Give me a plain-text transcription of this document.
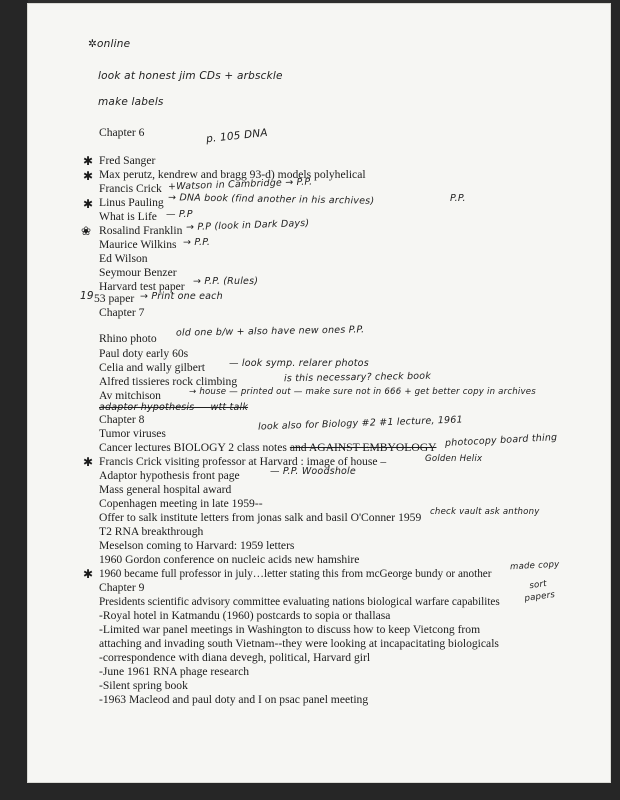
✲online
look at honest jim CDs + arbsckle
make labels
Chapter 6	p. 105 DNA
✱ Fred Sanger
✱ Max perutz, kendrew and bragg 93-d) models polyhelical
Francis Crick +Watson in Cambridge → P.P.
✱ Linus Pauling → DNA book (find another in his archives)	P.P.
What is Life — P.P
❀ Rosalind Franklin → P.P (look in Dark Days)
Maurice Wilkins → P.P.
Ed Wilson
Seymour Benzer
Harvard test paper → P.P. (Rules)
19 53 paper → Print one each
Chapter 7
Rhino photo old one b/w + also have new ones P.P.
Paul doty early 60s
Celia and wally gilbert	— look symp. relarer photos
Alfred tissieres rock climbing	is this necessary? check book
Av mitchison	→ house — printed out — make sure not in 666 + get better copy in archives
adaptor hypothesis — wtt talk
Chapter 8
Tumor viruses
look also for Biology #2 #1 lecture, 1961
Cancer lectures BIOLOGY 2 class notes and AGAINST EMBYOLOGY photocopy board thing
✱ Francis Crick visiting professor at Harvard : image of house –	Golden Helix
Adaptor hypothesis front page	— P.P. Woodshole
Mass general hospital award
Copenhagen meeting in late 1959--
Offer to salk institute letters from jonas salk and basil O'Conner 1959 check vault ask anthony
T2 RNA breakthrough
Meselson coming to Harvard: 1959 letters
1960 Gordon conference on nucleic acids new hamshire
✱ 1960 became full professor in july…letter stating this from mcGeorge bundy or another
made copy
sort papers
Chapter 9
Presidents scientific advisory committee evaluating nations biological warfare capabilites
-Royal hotel in Katmandu (1960) postcards to sopia or thallasa
-Limited war panel meetings in Washington to discuss how to keep Vietcong from
attaching and invading south Vietnam--they were looking at incapacitating biologicals
-correspondence with diana devegh, political, Harvard girl
-June 1961 RNA phage research
-Silent spring book
-1963 Macleod and paul doty and I on psac panel meeting
